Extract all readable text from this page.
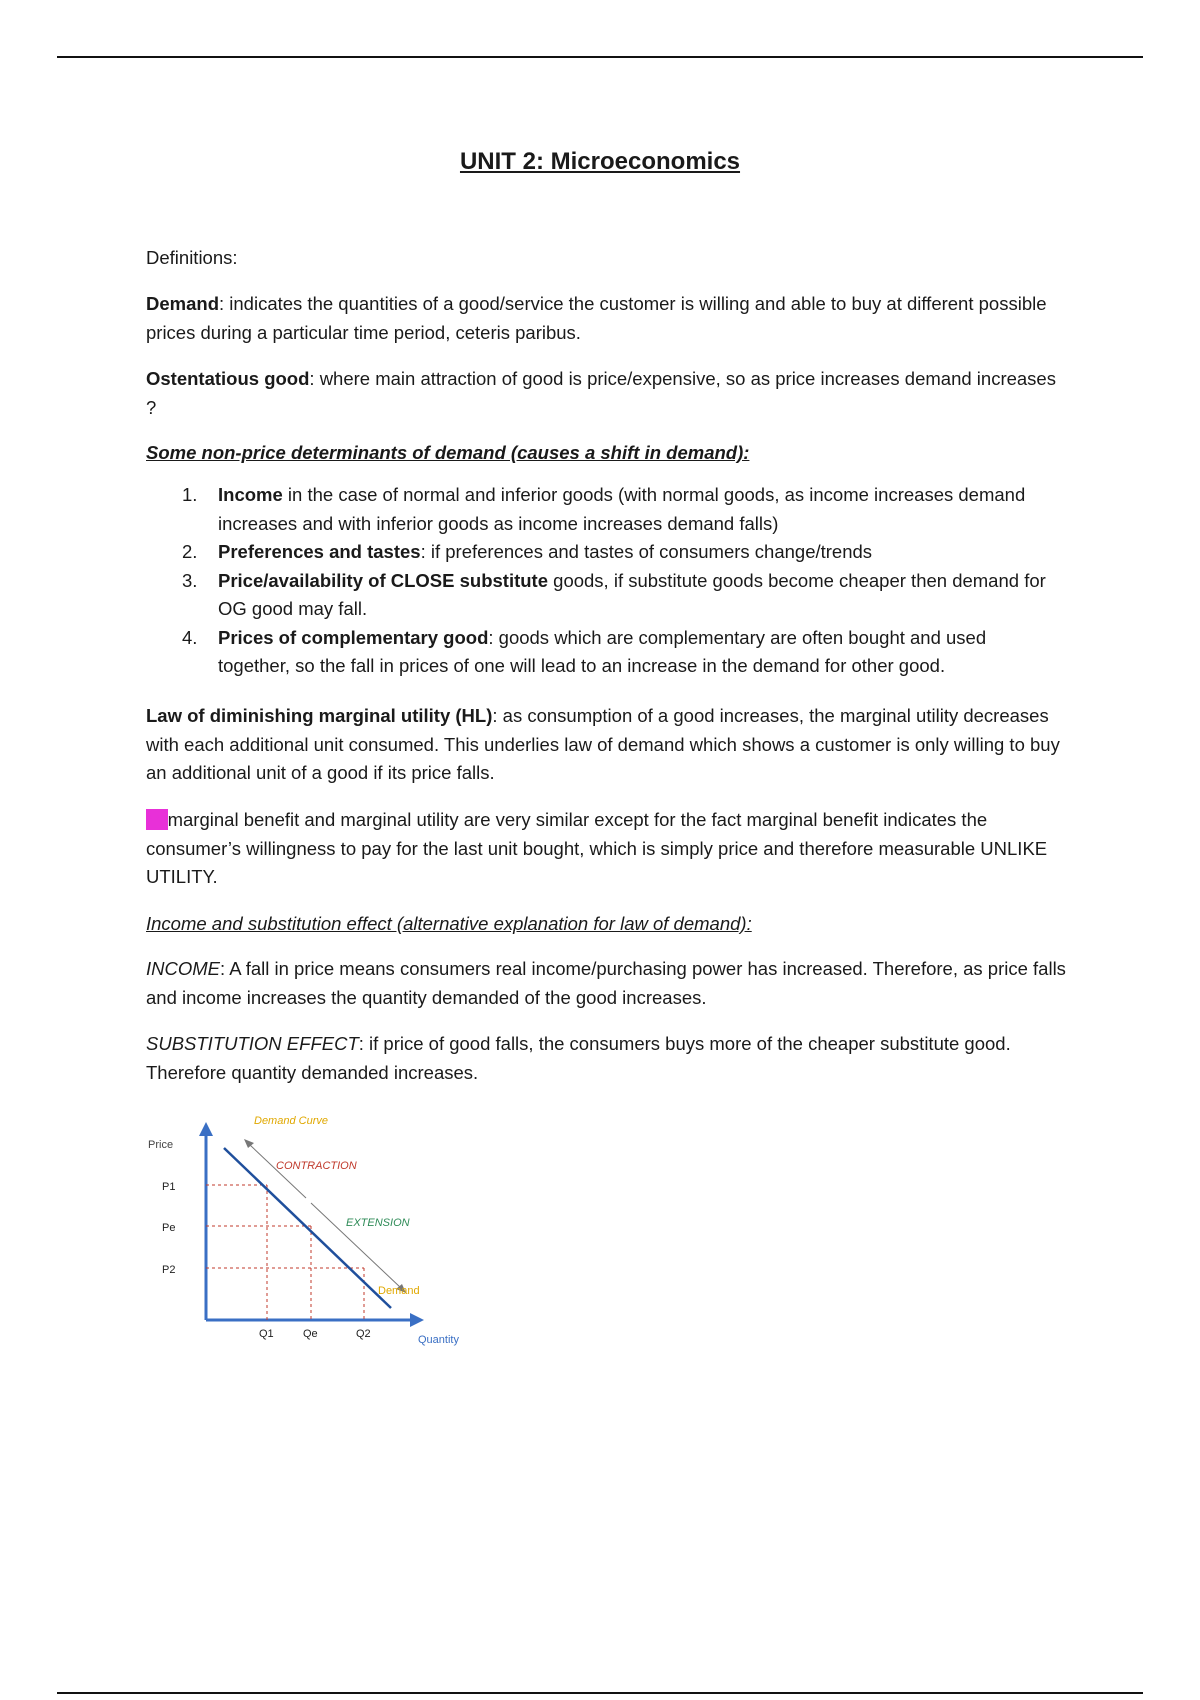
UNIT 2: Microeconomics
Definitions:
Demand: indicates the quantities of a good/service the customer is willing and able to buy at different possible prices during a particular time period, ceteris paribus.
Ostentatious good: where main attraction of good is price/expensive, so as price increases demand increases ?
Some non-price determinants of demand (causes a shift in demand):
1. Income in the case of normal and inferior goods (with normal goods, as income increases demand increases and with inferior goods as income increases demand falls)
2. Preferences and tastes: if preferences and tastes of consumers change/trends
3. Price/availability of CLOSE substitute goods, if substitute goods become cheaper then demand for OG good may fall.
4. Prices of complementary good: goods which are complementary are often bought and used together, so the fall in prices of one will lead to an increase in the demand for other good.
Law of diminishing marginal utility (HL): as consumption of a good increases, the marginal utility decreases with each additional unit consumed. This underlies law of demand which shows a customer is only willing to buy an additional unit of a good if its price falls.
***marginal benefit and marginal utility are very similar except for the fact marginal benefit indicates the consumer’s willingness to pay for the last unit bought, which is simply price and therefore measurable UNLIKE UTILITY.
Income and substitution effect (alternative explanation for law of demand):
INCOME: A fall in price means consumers real income/purchasing power has increased. Therefore, as price falls and income increases the quantity demanded of the good increases.
SUBSTITUTION EFFECT: if price of good falls, the consumers buys more of the cheaper substitute good. Therefore quantity demanded increases.
Demand Curve
Price
Quantity
P1
Pe
P2
Q1	Qe	Q2
CONTRACTION
EXTENSION
Demand
